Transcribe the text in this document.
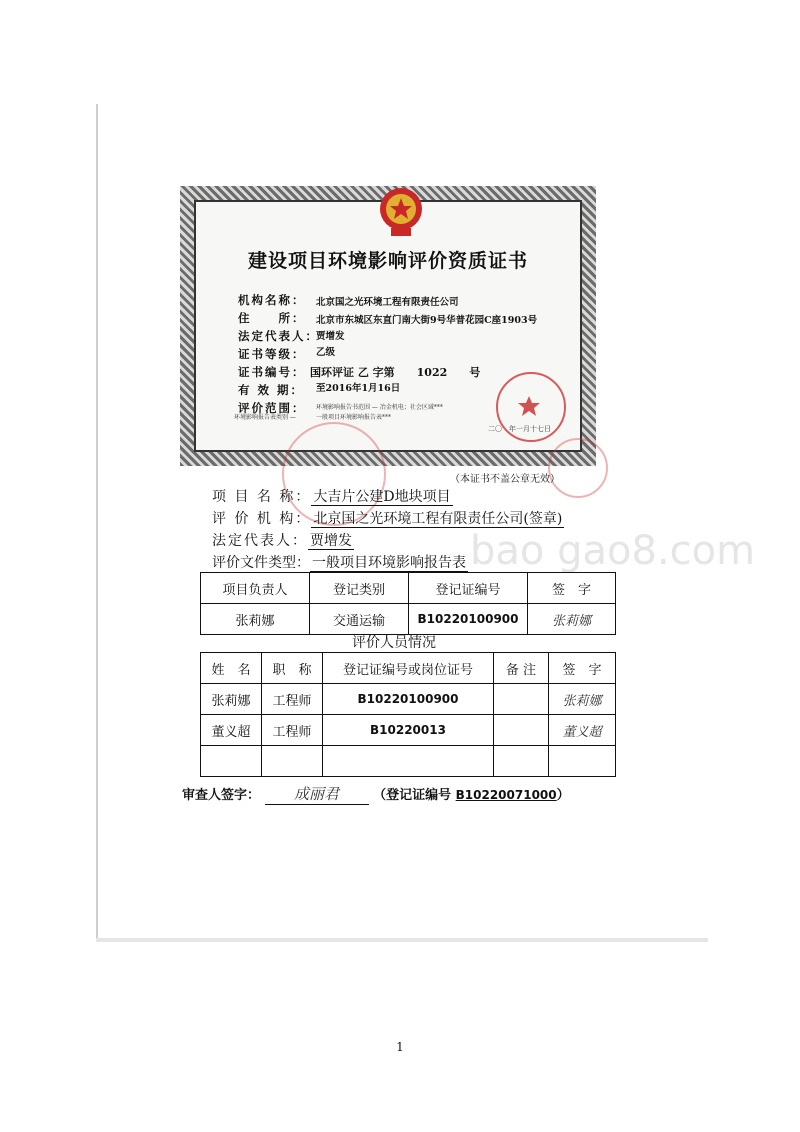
建设项目环境影响评价资质证书
机构名称：	北京国之光环境工程有限责任公司
住　　所：	北京市东城区东直门南大街9号华普花园C座1903号
法定代表人：
贾增发
证书等级：	乙级
证书编号： 国环评证 乙 字第　　1022　　号
有 效 期：	至2016年1月16日
评价范围：	环境影响报告书范围 — 冶金机电；社会区域***
环境影响报告表类别 —	一般项目环境影响报告表***
二〇　年一月十七日
（本证书不盖公章无效）
项 目 名 称： 大吉片公建D地块项目
评 价 机 构： 北京国之光环境工程有限责任公司(签章)
法定代表人： 贾增发
评价文件类型： 一般项目环境影响报告表 bao gao8.com
项目负责人	登记类别	登记证编号	签　字
张莉娜	交通运输	B10220100900	张莉娜
评价人员情况
姓　名	职　称	登记证编号或岗位证号	备 注	签　字
张莉娜	工程师	B10220100900		张莉娜
董义超	工程师	B10220013		董义超

审查人签字： 成丽君	（登记证编号 B10220071000）
1
